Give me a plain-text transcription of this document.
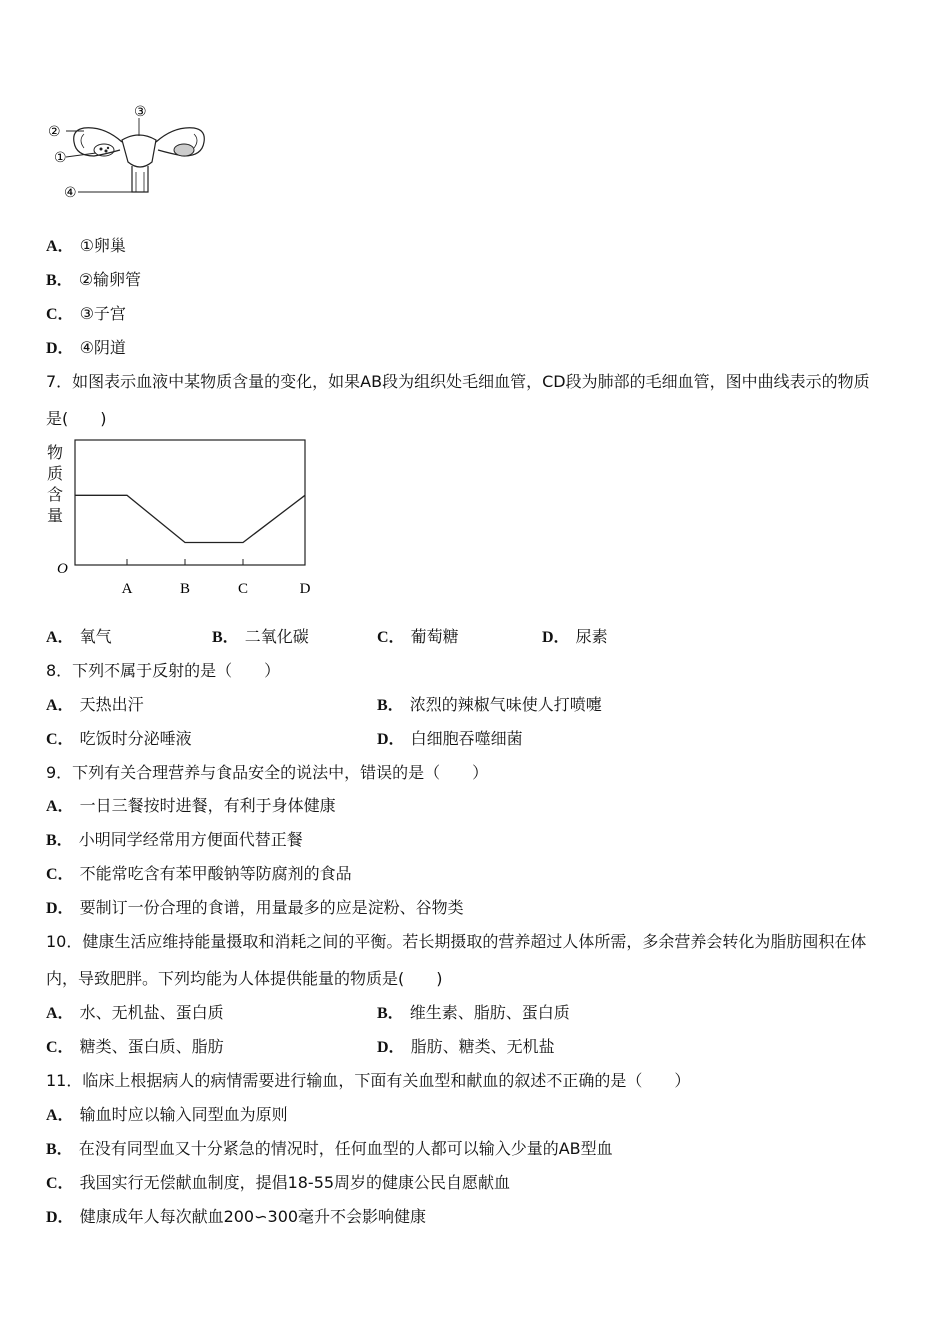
③
②
①
④
A． ①卵巢
B． ②输卵管
C． ③子宫
D． ④阴道
7．如图表示血液中某物质含量的变化，如果AB段为组织处毛细血管，CD段为肺部的毛细血管，图中曲线表示的物质
是(　　)
物
质
含
量
A	B	C	D
O
A． 氧气	B． 二氧化碳	C． 葡萄糖	D． 尿素
8．下列不属于反射的是（　　）
A． 天热出汗	B． 浓烈的辣椒气味使人打喷嚏
C． 吃饭时分泌唾液	D． 白细胞吞噬细菌
9．下列有关合理营养与食品安全的说法中，错误的是（　　）
A． 一日三餐按时进餐，有利于身体健康
B． 小明同学经常用方便面代替正餐
C． 不能常吃含有苯甲酸钠等防腐剂的食品
D． 要制订一份合理的食谱，用量最多的应是淀粉、谷物类
10．健康生活应维持能量摄取和消耗之间的平衡。若长期摄取的营养超过人体所需，多余营养会转化为脂肪囤积在体
内，导致肥胖。下列均能为人体提供能量的物质是(　　)
A． 水、无机盐、蛋白质	B． 维生素、脂肪、蛋白质
C． 糖类、蛋白质、脂肪	D． 脂肪、糖类、无机盐
11．临床上根据病人的病情需要进行输血，下面有关血型和献血的叙述不正确的是（　　）
A． 输血时应以输入同型血为原则
B． 在没有同型血又十分紧急的情况时，任何血型的人都可以输入少量的AB型血
C． 我国实行无偿献血制度，提倡18-55周岁的健康公民自愿献血
D． 健康成年人每次献血200∽300毫升不会影响健康
